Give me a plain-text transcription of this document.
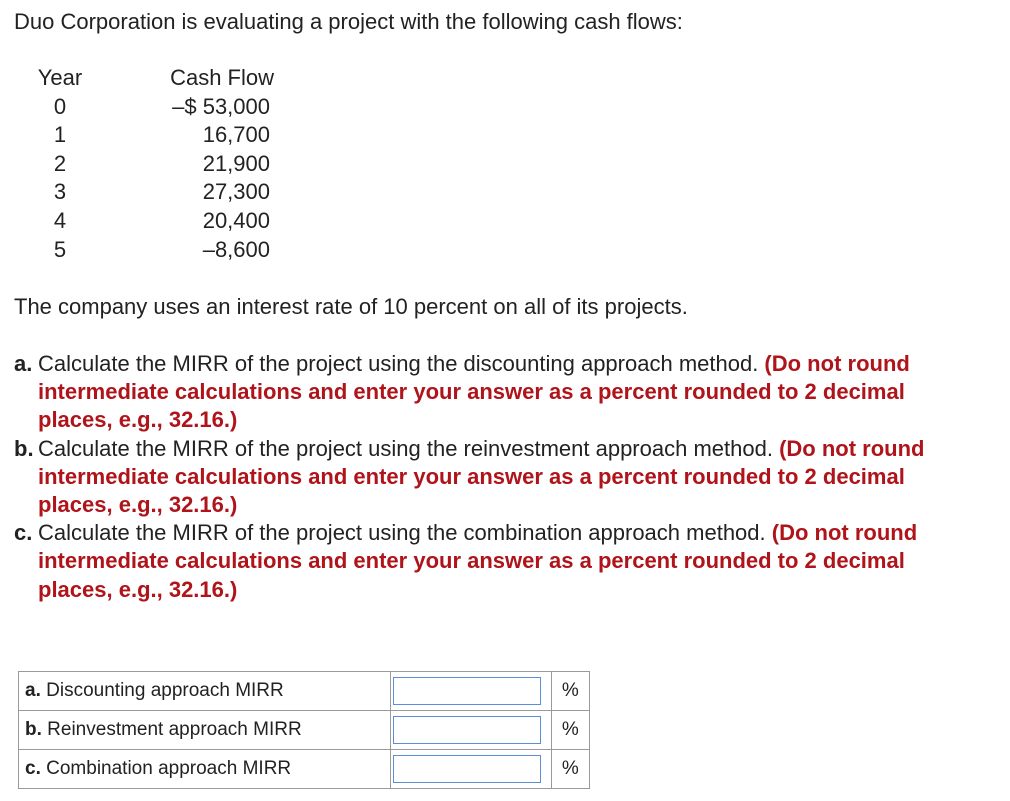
Duo Corporation is evaluating a project with the following cash flows:
Year	Cash Flow
0	–$ 53,000
1	16,700
2	21,900
3	27,300
4	20,400
5	–8,600
The company uses an interest rate of 10 percent on all of its projects.
a. Calculate the MIRR of the project using the discounting approach method. (Do not round intermediate calculations and enter your answer as a percent rounded to 2 decimal places, e.g., 32.16.)
b. Calculate the MIRR of the project using the reinvestment approach method. (Do not round intermediate calculations and enter your answer as a percent rounded to 2 decimal places, e.g., 32.16.)
c. Calculate the MIRR of the project using the combination approach method. (Do not round intermediate calculations and enter your answer as a percent rounded to 2 decimal places, e.g., 32.16.)
a. Discounting approach MIRR		%
b. Reinvestment approach MIRR		%
c. Combination approach MIRR		%
